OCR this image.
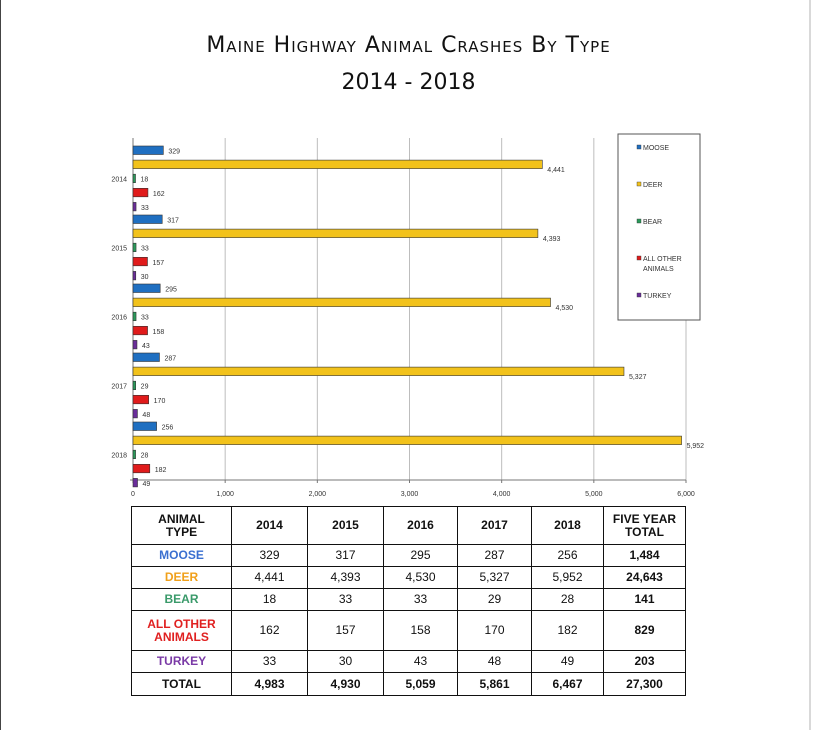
Maine Highway Animal Crashes By Type
2014 - 2018
0	1,000	2,000	3,000	4,000	5,000	6,000
2014
329
4,441
18
162
33
2015
317
4,393
33
157
30
2016
295
4,530
33
158
43
2017
287
5,327
29
170
48
2018
256
5,952
28
182
49
MOOSE
DEER
BEAR
ALL OTHER
ANIMALS
TURKEY
ANIMAL
TYPE	2014	2015	2016	2017	2018	FIVE YEAR
TOTAL
MOOSE	329	317	295	287	256	1,484
DEER	4,441	4,393	4,530	5,327	5,952	24,643
BEAR	18	33	33	29	28	141
ALL OTHER
ANIMALS	162	157	158	170	182	829
TURKEY	33	30	43	48	49	203
TOTAL	4,983	4,930	5,059	5,861	6,467	27,300
